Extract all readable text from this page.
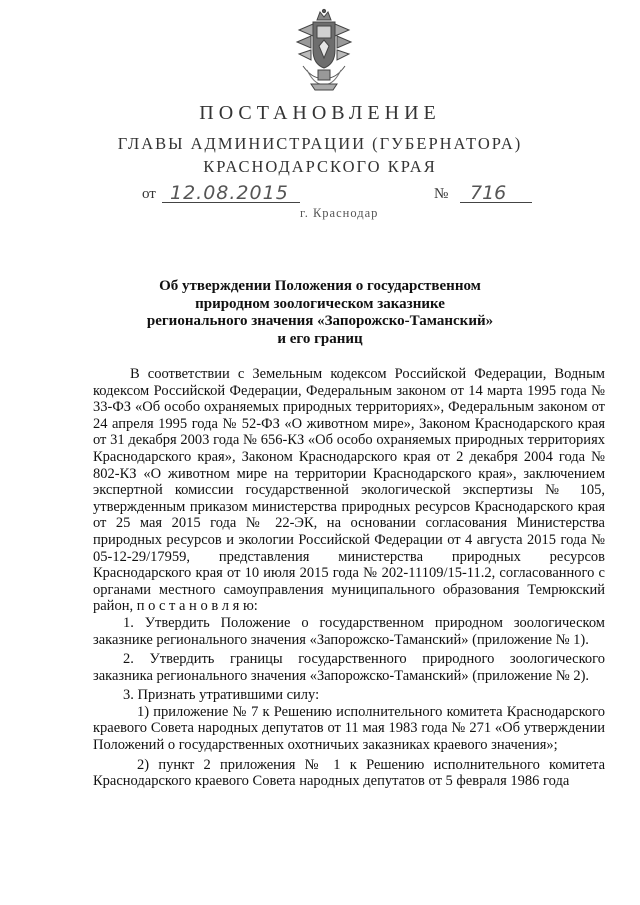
ПОСТАНОВЛЕНИЕ
ГЛАВЫ АДМИНИСТРАЦИИ (ГУБЕРНАТОРА)
КРАСНОДАРСКОГО КРАЯ
от 12.08.2015	№ 716
г. Краснодар
Об утверждении Положения о государственном
природном зоологическом заказнике
регионального значения «Запорожско-Таманский»
и его границ

В соответствии с Земельным кодексом Российской Федерации, Водным кодексом Российской Федерации, Федеральным законом от 14 марта 1995 года № 33-ФЗ «Об особо охраняемых природных территориях», Федеральным законом от 24 апреля 1995 года № 52-ФЗ «О животном мире», Законом Краснодарского края от 31 декабря 2003 года № 656-КЗ «Об особо охраняемых природных территориях Краснодарского края», Законом Краснодарского края от 2 декабря 2004 года № 802-КЗ «О животном мире на территории Краснодарского края», заключением экспертной комиссии государственной экологической экспертизы № 105, утвержденным приказом министерства природных ресурсов Краснодарского края от 25 мая 2015 года № 22-ЭК, на основании согласования Министерства природных ресурсов и экологии Российской Федерации от 4 августа 2015 года № 05-12-29/17959, представления министерства природных ресурсов Краснодарского края от 10 июля 2015 года № 202-11109/15-11.2, согласованного с органами местного самоуправления муниципального образования Темрюкский район, п о с т а н о в л я ю:

1. Утвердить Положение о государственном природном зоологическом заказнике регионального значения «Запорожско-Таманский» (приложение № 1).

2. Утвердить границы государственного природного зоологического заказника регионального значения «Запорожско-Таманский» (приложение № 2).

3. Признать утратившими силу:

1) приложение № 7 к Решению исполнительного комитета Краснодарского краевого Совета народных депутатов от 11 мая 1983 года № 271 «Об утверждении Положений о государственных охотничьих заказниках краевого значения»;

2) пункт 2 приложения № 1 к Решению исполнительного комитета Краснодарского краевого Совета народных депутатов от 5 февраля 1986 года
